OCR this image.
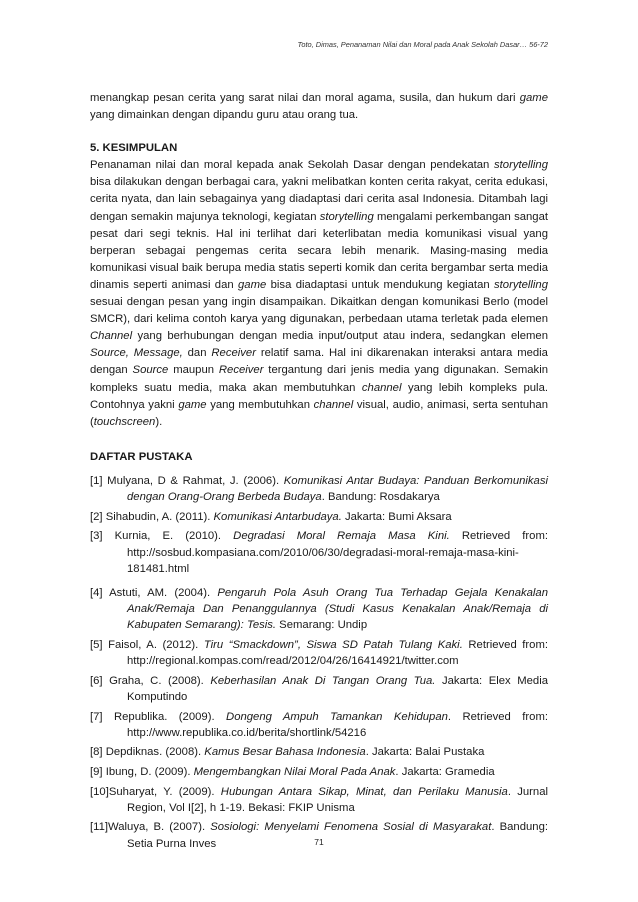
Toto, Dimas, Penanaman Nilai dan Moral pada Anak Sekolah Dasar… 56-72

menangkap pesan cerita yang sarat nilai dan moral agama, susila, dan hukum dari game yang dimainkan dengan dipandu guru atau orang tua.

5. KESIMPULAN

Penanaman nilai dan moral kepada anak Sekolah Dasar dengan pendekatan storytelling bisa dilakukan dengan berbagai cara, yakni melibatkan konten cerita rakyat, cerita edukasi, cerita nyata, dan lain sebagainya yang diadaptasi dari cerita asal Indonesia. Ditambah lagi dengan semakin majunya teknologi, kegiatan storytelling mengalami perkembangan sangat pesat dari segi teknis. Hal ini terlihat dari keterlibatan media komunikasi visual yang berperan sebagai pengemas cerita secara lebih menarik. Masing-masing media komunikasi visual baik berupa media statis seperti komik dan cerita bergambar serta media dinamis seperti animasi dan game bisa diadaptasi untuk mendukung kegiatan storytelling sesuai dengan pesan yang ingin disampaikan. Dikaitkan dengan komunikasi Berlo (model SMCR), dari kelima contoh karya yang digunakan, perbedaan utama terletak pada elemen Channel yang berhubungan dengan media input/output atau indera, sedangkan elemen Source, Message, dan Receiver relatif sama. Hal ini dikarenakan interaksi antara media dengan Source maupun Receiver tergantung dari jenis media yang digunakan. Semakin kompleks suatu media, maka akan membutuhkan channel yang lebih kompleks pula. Contohnya yakni game yang membutuhkan channel visual, audio, animasi, serta sentuhan (touchscreen).

DAFTAR PUSTAKA

[1] Mulyana, D & Rahmat, J. (2006). Komunikasi Antar Budaya: Panduan Berkomunikasi dengan Orang-Orang Berbeda Budaya. Bandung: Rosdakarya

[2] Sihabudin, A. (2011). Komunikasi Antarbudaya. Jakarta: Bumi Aksara

[3] Kurnia, E. (2010). Degradasi Moral Remaja Masa Kini. Retrieved from: http://sosbud.kompasiana.com/2010/06/30/degradasi-moral-remaja-masa-kini-181481.html

[4] Astuti, AM. (2004). Pengaruh Pola Asuh Orang Tua Terhadap Gejala Kenakalan Anak/Remaja Dan Penanggulannya (Studi Kasus Kenakalan Anak/Remaja di Kabupaten Semarang): Tesis. Semarang: Undip

[5] Faisol, A. (2012). Tiru “Smackdown”, Siswa SD Patah Tulang Kaki. Retrieved from: http://regional.kompas.com/read/2012/04/26/16414921/twitter.com

[6] Graha, C. (2008). Keberhasilan Anak Di Tangan Orang Tua. Jakarta: Elex Media Komputindo

[7] Republika. (2009). Dongeng Ampuh Tamankan Kehidupan. Retrieved from: http://www.republika.co.id/berita/shortlink/54216

[8] Depdiknas. (2008). Kamus Besar Bahasa Indonesia. Jakarta: Balai Pustaka

[9] Ibung, D. (2009). Mengembangkan Nilai Moral Pada Anak. Jakarta: Gramedia

[10]Suharyat, Y. (2009). Hubungan Antara Sikap, Minat, dan Perilaku Manusia. Jurnal Region, Vol I[2], h 1-19. Bekasi: FKIP Unisma

[11]Waluya, B. (2007). Sosiologi: Menyelami Fenomena Sosial di Masyarakat. Bandung: Setia Purna Inves	71
